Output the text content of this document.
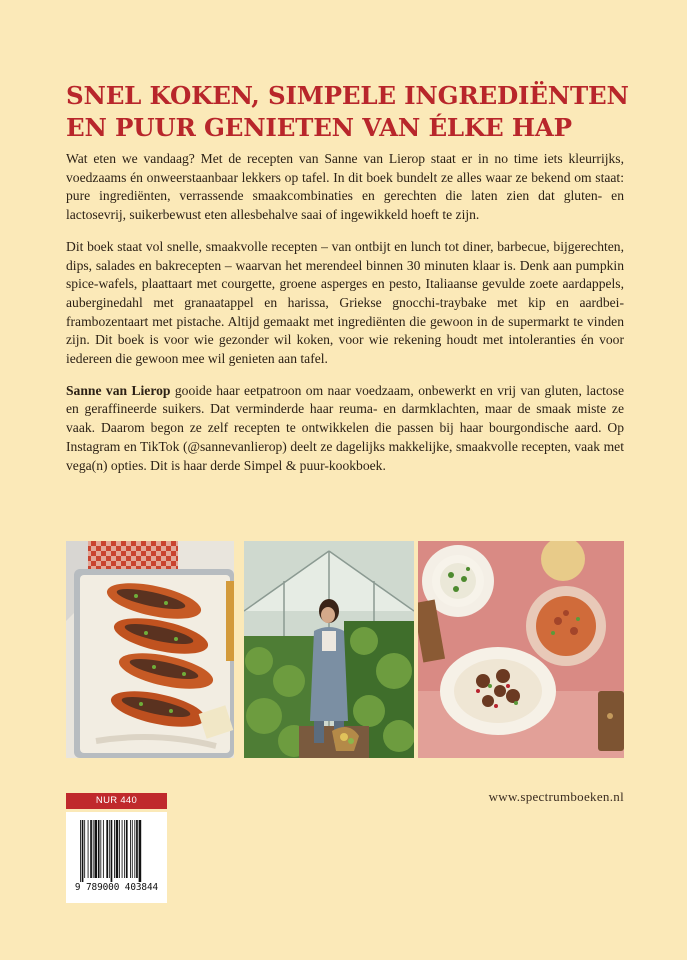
SNEL KOKEN, SIMPELE INGREDIËNTEN
EN PUUR GENIETEN VAN ÉLKE HAP

Wat eten we vandaag? Met de recepten van Sanne van Lierop staat er in no time iets kleurrijks, voedzaams én onweerstaanbaar lekkers op tafel. In dit boek bundelt ze alles waar ze bekend om staat: pure ingrediënten, verrassende smaakcombinaties en gerechten die laten zien dat gluten- en lactosevrij, suikerbewust eten allesbehalve saai of ingewikkeld hoeft te zijn.

Dit boek staat vol snelle, smaakvolle recepten – van ontbijt en lunch tot diner, barbecue, bijgerechten, dips, salades en bakrecepten – waarvan het merendeel binnen 30 minuten klaar is. Denk aan pumpkin spice-wafels, plaattaart met courgette, groene asperges en pesto, Italiaanse gevulde zoete aardappels, auberginedahl met granaatappel en harissa, Griekse gnocchi-traybake met kip en aardbei-frambozentaart met pistache. Altijd gemaakt met ingrediënten die gewoon in de supermarkt te vinden zijn. Dit boek is voor wie gezonder wil koken, voor wie rekening houdt met intoleranties én voor iedereen die gewoon mee wil genieten aan tafel.

Sanne van Lierop gooide haar eetpatroon om naar voedzaam, onbewerkt en vrij van gluten, lactose en geraffineerde suikers. Dat verminderde haar reuma- en darmklachten, maar de smaak miste ze vaak. Daarom begon ze zelf recepten te ontwikkelen die passen bij haar bourgondische aard. Op Instagram en TikTok (@sannevanlierop) deelt ze dagelijks makkelijke, smaakvolle recepten, vaak met vega(n) opties. Dit is haar derde Simpel & puur-kookboek.

NUR 440	www.spectrumboeken.nl
9 789000 403844
